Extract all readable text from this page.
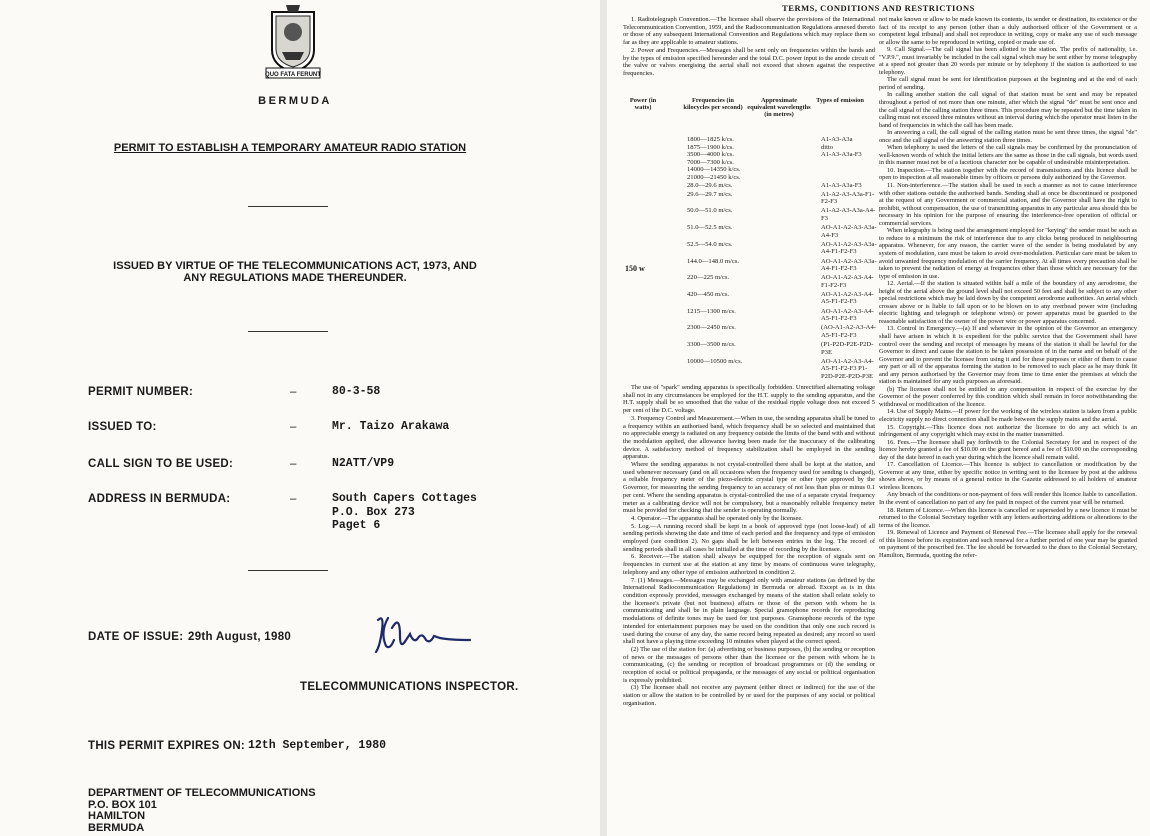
QUO FATA FERUNT
BERMUDA
PERMIT TO ESTABLISH A TEMPORARY AMATEUR RADIO STATION
ISSUED BY VIRTUE OF THE TELECOMMUNICATIONS ACT, 1973, AND
ANY REGULATIONS MADE THEREUNDER.
PERMIT NUMBER:	–	80-3-58
ISSUED TO:	–	Mr. Taizo Arakawa
CALL SIGN TO BE USED:	–	N2ATT/VP9
ADDRESS IN BERMUDA:	–	South Capers Cottages
P.O. Box 273
Paget 6
DATE OF ISSUE: 29th August, 1980
TELECOMMUNICATIONS INSPECTOR.
THIS PERMIT EXPIRES ON: 12th September, 1980
DEPARTMENT OF TELECOMMUNICATIONS
P.O. BOX 101
HAMILTON
BERMUDA
TERMS, CONDITIONS AND RESTRICTIONS

1. Radiotelegraph Convention.—The licensee shall observe the provisions of the International Telecommunication Convention, 1959, and the Radiocommunication Regulations annexed thereto or those of any subsequent International Convention and Regulations which may replace them so far as they are applicable to amateur stations.

2. Power and Frequencies.—Messages shall be sent only on frequencies within the bands and by the types of emission specified hereunder and the total D.C. power input to the anode circuit of the valve or valves energising the aerial shall not exceed that shown against the respective frequencies.

Power (in watts)
Frequencies (in kilocycles per second)
Approximate equivalent wavelengths (in metres)
Types of emission
150 w
1800—1825 k/cs.	A1-A3-A3a
1875—1900 k/cs.	ditto
3500—4000 k/cs.	A1-A3-A3a-F3
7000—7300 k/cs.
14000—14350 k/cs.
21000—21450 k/cs.
28.0—29.6 m/cs.	A1-A3-A3a-F3
29.6—29.7 m/cs.	A1-A2-A3-A3a-F1-F2-F3
50.0—51.0 m/cs.	A1-A2-A3-A3a-A4-F3
51.0—52.5 m/cs.	AO-A1-A2-A3-A3a-A4-F3
52.5—54.0 m/cs.	AO-A1-A2-A3-A3a-A4-F1-F2-F3
144.0—148.0 m/cs.	AO-A1-A2-A3-A3a-A4-F1-F2-F3
220—225 m/cs.	AO-A1-A2-A3-A4-F1-F2-F3
420—450 m/cs.	AO-A1-A2-A3-A4-A5-F1-F2-F3
1215—1300 m/cs.	AO-A1-A2-A3-A4-A5-F1-F2-F3
2300—2450 m/cs.	(AO-A1-A2-A3-A4-A5-F1-F2-F3
3300—3500 m/cs.	(P1-P2D-P2E-P2D-P3E
10000—10500 m/cs.	AO-A1-A2-A3-A4-A5-F1-F2-F3 P1-P2D-P2E-P2D-P3E

The use of "spark" sending apparatus is specifically forbidden. Unrectified alternating voltage shall not in any circumstances be employed for the H.T. supply to the sending apparatus, and the H.T. supply shall be so smoothed that the value of the residual ripple voltage does not exceed 5 per cent of the D.C. voltage.

3. Frequency Control and Measurement.—When in use, the sending apparatus shall be tuned to a frequency within an authorised band, which frequency shall be so selected and maintained that no appreciable energy is radiated on any frequency outside the limits of the band with and without the modulation applied, due allowance having been made for the inaccuracy of the calibrating device. A satisfactory method of frequency stabilization shall be employed in the sending apparatus.

Where the sending apparatus is not crystal-controlled there shall be kept at the station, and used whenever necessary (and on all occasions when the frequency used for sending is changed), a reliable frequency meter of the piezo-electric crystal type or other type approved by the Governor, for measuring the sending frequency to an accuracy of not less than plus or minus 0.1 per cent. Where the sending apparatus is crystal-controlled the use of a separate crystal frequency meter as a calibrating device will not be compulsory, but a reasonably reliable frequency meter must be provided for checking that the sender is operating normally.

4. Operator.—The apparatus shall be operated only by the licensee.

5. Log.—A running record shall be kept in a book of approved type (not loose-leaf) of all sending periods showing the date and time of each period and the frequency and type of emission employed (see condition 2). No gaps shall be left between entries in the log. The record of sending periods shall in all cases be initialled at the time of recording by the licensee.

6. Receiver.—The station shall always be equipped for the reception of signals sent on frequencies in current use at the station at any time by means of continuous wave telegraphy, telephony and any other type of emission authorized in condition 2.

7. (1) Messages.—Messages may be exchanged only with amateur stations (as defined by the International Radiocommunication Regulations) in Bermuda or abroad. Except as is in this condition expressly provided, messages exchanged by means of the station shall relate solely to the licensee's private (but not business) affairs or those of the person with whom he is communicating and shall be in plain language. Special gramophone records for reproducing modulations of definite tones may be used for test purposes. Gramophone records of the type intended for entertainment purposes may be used on the condition that only one such record is used during the course of any day, the same record being repeated as desired; any record so used shall not have a playing time exceeding 10 minutes when played at the correct speed.

(2) The use of the station for: (a) advertising or business purposes, (b) the sending or reception of news or the messages of persons other than the licensee or the person with whom he is communicating, (c) the sending or reception of broadcast programmes or (d) the sending or reception of social or political propaganda, or the messages of any social or political organisation is expressly prohibited.

(3) The licensee shall not receive any payment (either direct or indirect) for the use of the station or allow the station to be controlled by or used for the purposes of any social or political organisation.

not make known or allow to be made known its contents, its sender or destination, its existence or the fact of its receipt to any person (other than a duly authorised officer of the Government or a competent legal tribunal) and shall not reproduce in writing, copy or make any use of such message or allow the same to be reproduced in writing, copied or made use of.

9. Call Signal.—The call signal has been allotted to the station. The prefix of nationality, i.e. "V.P.9.", must invariably be included in the call signal which may be sent either by morse telegraphy at a speed not greater than 20 words per minute or by telephony if the station is authorized to use telephony.

The call signal must be sent for identification purposes at the beginning and at the end of each period of sending.

In calling another station the call signal of that station must be sent and may be repeated throughout a period of not more than one minute, after which the signal "de" must be sent once and the call signal of the calling station three times. This procedure may be repeated but the time taken in calling must not exceed three minutes without an interval during which the operator must listen in the band of frequencies in which the call has been made.

In answering a call, the call signal of the calling station must be sent three times, the signal "de" once and the call signal of the answering station three times.

When telephony is used the letters of the call signals may be confirmed by the pronunciation of well-known words of which the initial letters are the same as those in the call signals, but words used in this manner must not be of a facetious character nor be capable of undesirable misinterpretation.

10. Inspection.—The station together with the record of transmissions and this licence shall be open to inspection at all reasonable times by officers or persons duly authorized by the Governor.

11. Non-interference.—The station shall be used in such a manner as not to cause interference with other stations outside the authorised bands. Sending shall at once be discontinued or postponed at the request of any Government or commercial station, and the Governor shall have the right to prohibit, without compensation, the use of transmitting apparatus in any particular area should this be necessary in his opinion for the purpose of ensuring the interference-free operation of official or commercial services.

When telegraphy is being used the arrangement employed for "keying" the sender must be such as to reduce to a minimum the risk of interference due to any clicks being produced in neighbouring apparatus. Whenever, for any reason, the carrier wave of the sender is being modulated by any system of modulation, care must be taken to avoid over-modulation. Particular care must be taken to avoid unwanted frequency modulation of the carrier frequency. At all times every precaution shall be taken to prevent the radiation of energy at frequencies other than those which are necessary for the type of emission in use.

12. Aerial.—If the station is situated within half a mile of the boundary of any aerodrome, the height of the aerial above the ground level shall not exceed 50 feet and shall be subject to any other special restrictions which may be laid down by the competent aerodrome authorities. An aerial which crosses above or is liable to fall upon or to be blown on to any overhead power wire (including electric lighting and telegraph or telephone wires) or power apparatus must be guarded to the reasonable satisfaction of the owner of the power wire or power apparatus concerned.

13. Control in Emergency.—(a) If and whenever in the opinion of the Governor an emergency shall have arisen in which it is expedient for the public service that the Government shall have control over the sending and receipt of messages by means of the station it shall be lawful for the Governor to direct and cause the station to be taken possession of in the name and on behalf of the Governor and to prevent the licensee from using it and for these purposes or either of them to cause any part or all of the apparatus forming the station to be removed to such place as he may think fit and any person authorised by the Governor may from time to time enter the premises at which the station is maintained for any such purposes as aforesaid.

(b) The licensee shall not be entitled to any compensation in respect of the exercise by the Governor of the power conferred by this condition which shall remain in force notwithstanding the withdrawal or modification of the licence.

14. Use of Supply Mains.—If power for the working of the wireless station is taken from a public electricity supply no direct connection shall be made between the supply mains and the aerial.

15. Copyright.—This licence does not authorize the licensee to do any act which is an infringement of any copyright which may exist in the matter transmitted.

16. Fees.—The licensee shall pay forthwith to the Colonial Secretary for and in respect of the licence hereby granted a fee of $10.00 on the grant hereof and a fee of $10.00 on the corresponding day of the date hereof in each year during which the licence shall remain valid.

17. Cancellation of Licence.—This licence is subject to cancellation or modification by the Governor at any time, either by specific notice in writing sent to the licensee by post at the address shown above, or by means of a general notice in the Gazette addressed to all holders of amateur wireless licences.

Any breach of the conditions or non-payment of fees will render this licence liable to cancellation. In the event of cancellation no part of any fee paid in respect of the current year will be returned.

18. Return of Licence.—When this licence is cancelled or superseded by a new licence it must be returned to the Colonial Secretary together with any letters authorizing additions or alterations to the terms of the licence.

19. Renewal of Licence and Payment of Renewal Fee.—The licensee shall apply for the renewal of this licence before its expiration and such renewal for a further period of one year may be granted on payment of the prescribed fee. The fee should be forwarded to the dues to the Colonial Secretary, Hamilton, Bermuda, quoting the refer-
